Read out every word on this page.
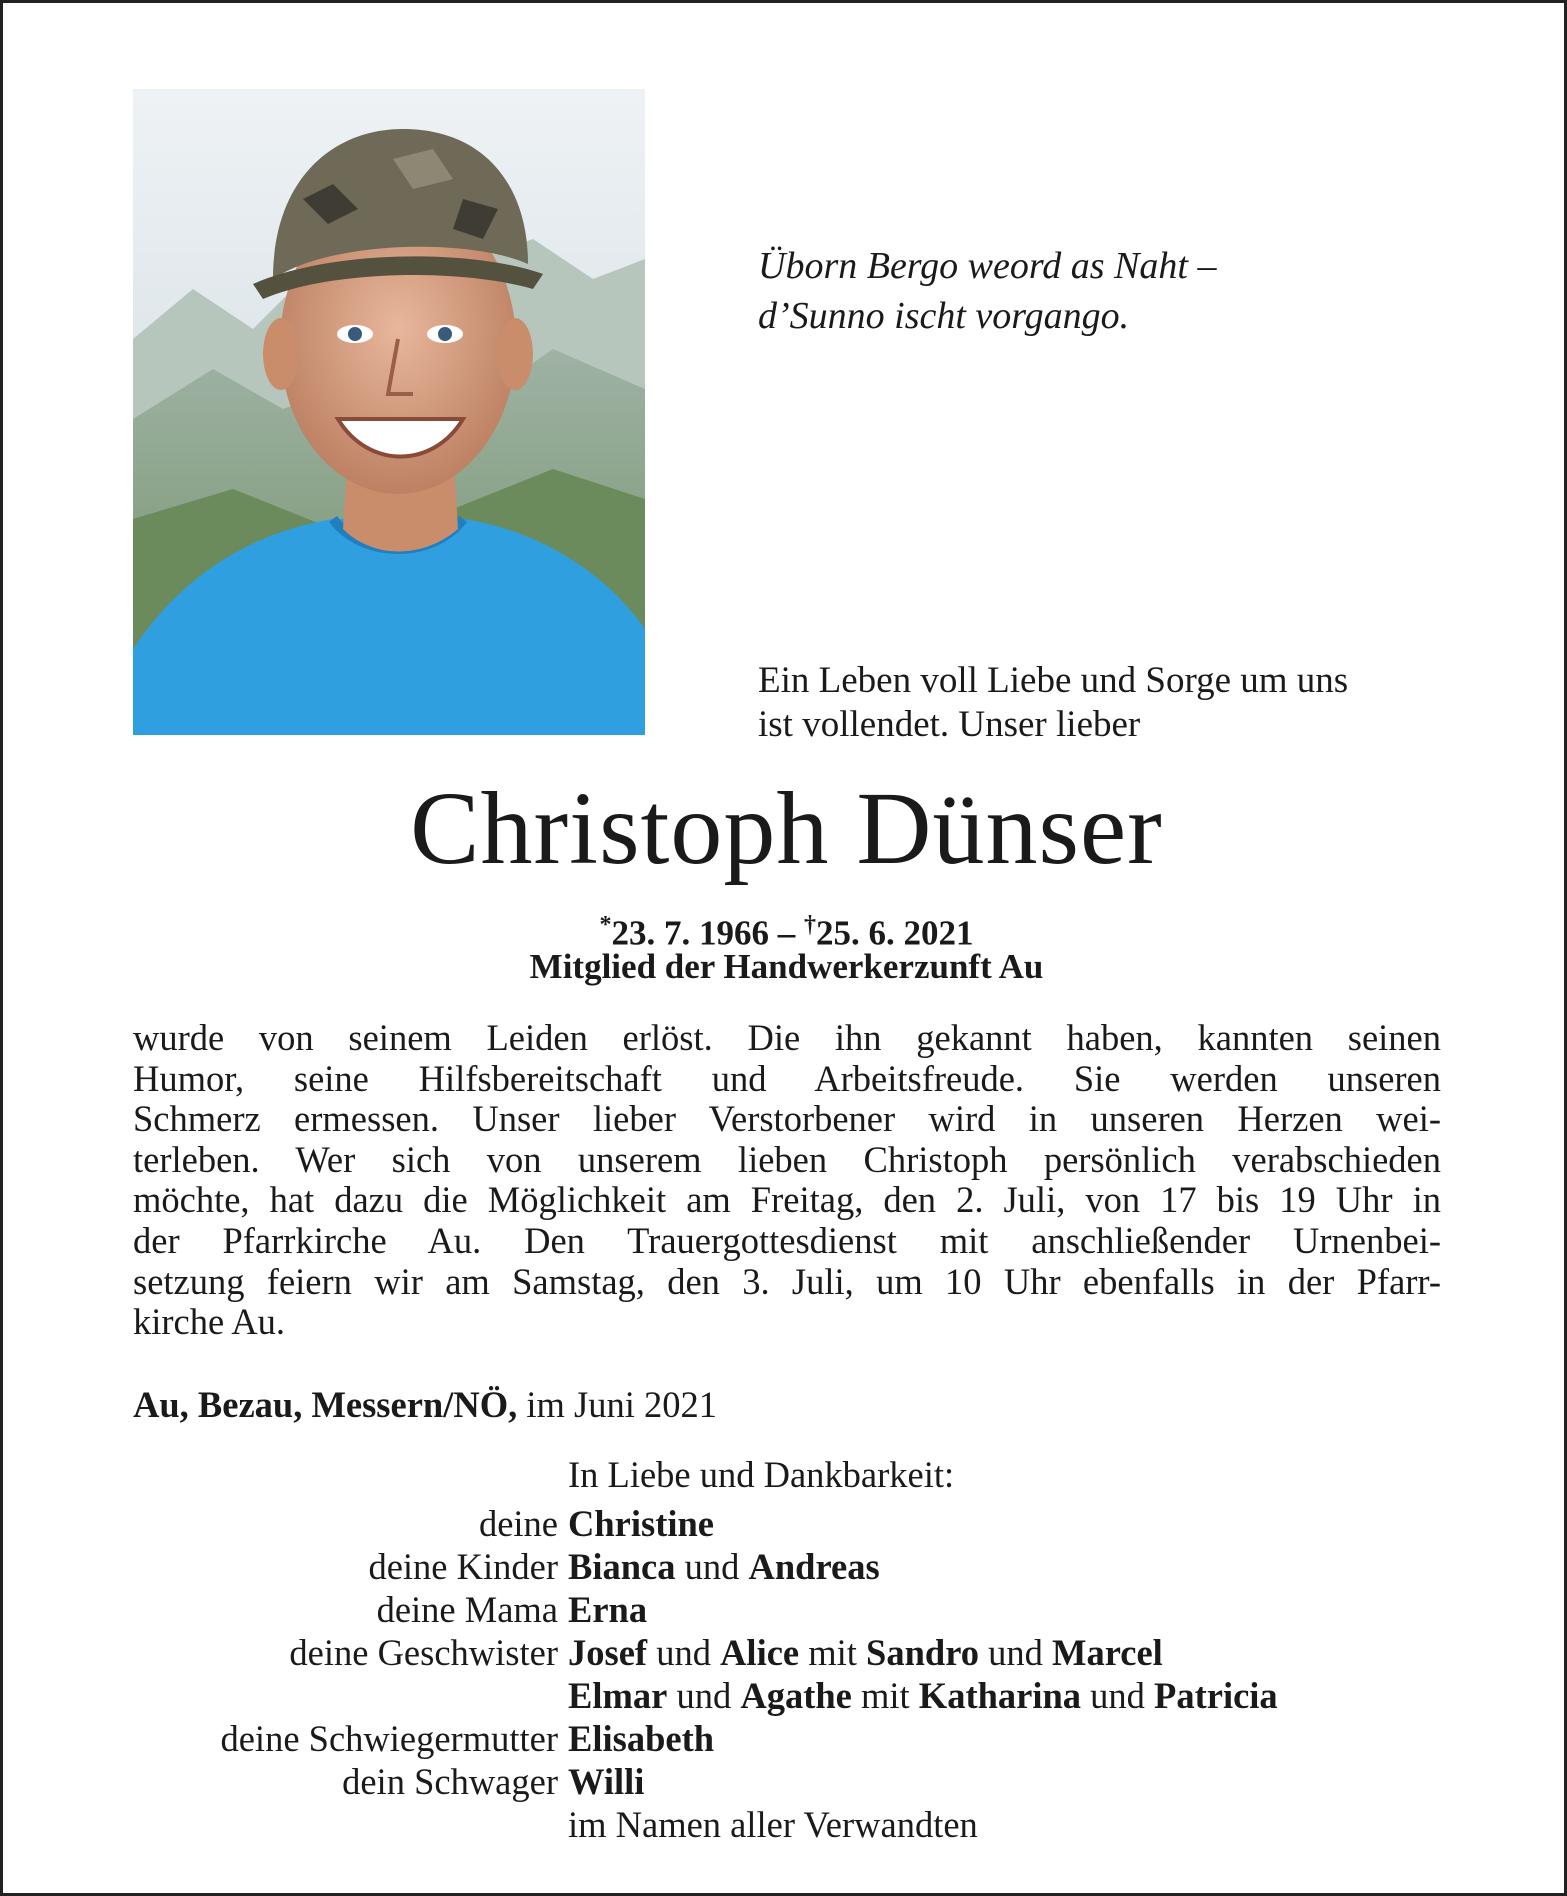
Üborn Bergo weord as Naht –
d’Sunno ischt vorgango.
Ein Leben voll Liebe und Sorge um uns
ist vollendet. Unser lieber
Christoph Dünser
*23. 7. 1966 – †25. 6. 2021
Mitglied der Handwerkerzunft Au
wurde von seinem Leiden erlöst. Die ihn gekannt haben, kannten seinen
Humor, seine Hilfsbereitschaft und Arbeitsfreude. Sie werden unseren
Schmerz ermessen. Unser lieber Verstorbener wird in unseren Herzen wei-
terleben. Wer sich von unserem lieben Christoph persönlich verabschieden
möchte, hat dazu die Möglichkeit am Freitag, den 2. Juli, von 17 bis 19 Uhr in
der Pfarrkirche Au. Den Trauergottesdienst mit anschließender Urnenbei-
setzung feiern wir am Samstag, den 3. Juli, um 10 Uhr ebenfalls in der Pfarr-
kirche Au.
Au, Bezau, Messern/NÖ, im Juni 2021
In Liebe und Dankbarkeit:
deine Christine
deine Kinder Bianca und Andreas
deine Mama Erna
deine Geschwister Josef und Alice mit Sandro und Marcel
Elmar und Agathe mit Katharina und Patricia
deine Schwiegermutter Elisabeth
dein Schwager Willi
im Namen aller Verwandten
